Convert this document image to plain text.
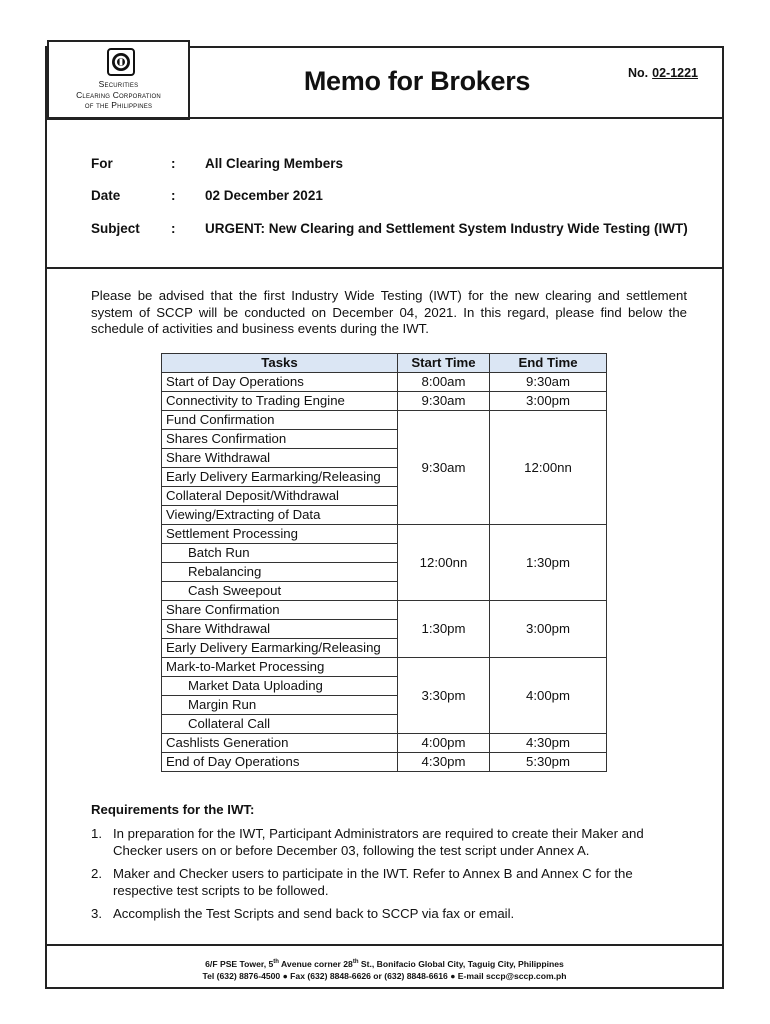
Securities
Clearing Corporation
of the Philippines
Memo for Brokers	No. 02-1221
For	: All Clearing Members
Date	: 02 December 2021
Subject : URGENT: New Clearing and Settlement System Industry Wide Testing (IWT)
Please be advised that the first Industry Wide Testing (IWT) for the new clearing and settlement system of SCCP will be conducted on December 04, 2021. In this regard, please find below the schedule of activities and business events during the IWT.
Tasks	Start Time	End Time
Start of Day Operations	8:00am	9:30am
Connectivity to Trading Engine	9:30am	3:00pm
Fund Confirmation	9:30am	12:00nn
Shares Confirmation		
Share Withdrawal		
Early Delivery Earmarking/Releasing		
Collateral Deposit/Withdrawal		
Viewing/Extracting of Data		
Settlement Processing	12:00nn	1:30pm
Batch Run		
Rebalancing		
Cash Sweepout		
Share Confirmation	1:30pm	3:00pm
Share Withdrawal		
Early Delivery Earmarking/Releasing		
Mark-to-Market Processing	3:30pm	4:00pm
Market Data Uploading		
Margin Run		
Collateral Call		
Cashlists Generation	4:00pm	4:30pm
End of Day Operations	4:30pm	5:30pm
Requirements for the IWT:
1. In preparation for the IWT, Participant Administrators are required to create their Maker and Checker users on or before December 03, following the test script under Annex A.
2. Maker and Checker users to participate in the IWT. Refer to Annex B and Annex C for the respective test scripts to be followed.
3. Accomplish the Test Scripts and send back to SCCP via fax or email.
6/F PSE Tower, 5th Avenue corner 28th St., Bonifacio Global City, Taguig City, Philippines
Tel (632) 8876-4500 ● Fax (632) 8848-6626 or (632) 8848-6616 ● E-mail sccp@sccp.com.ph
